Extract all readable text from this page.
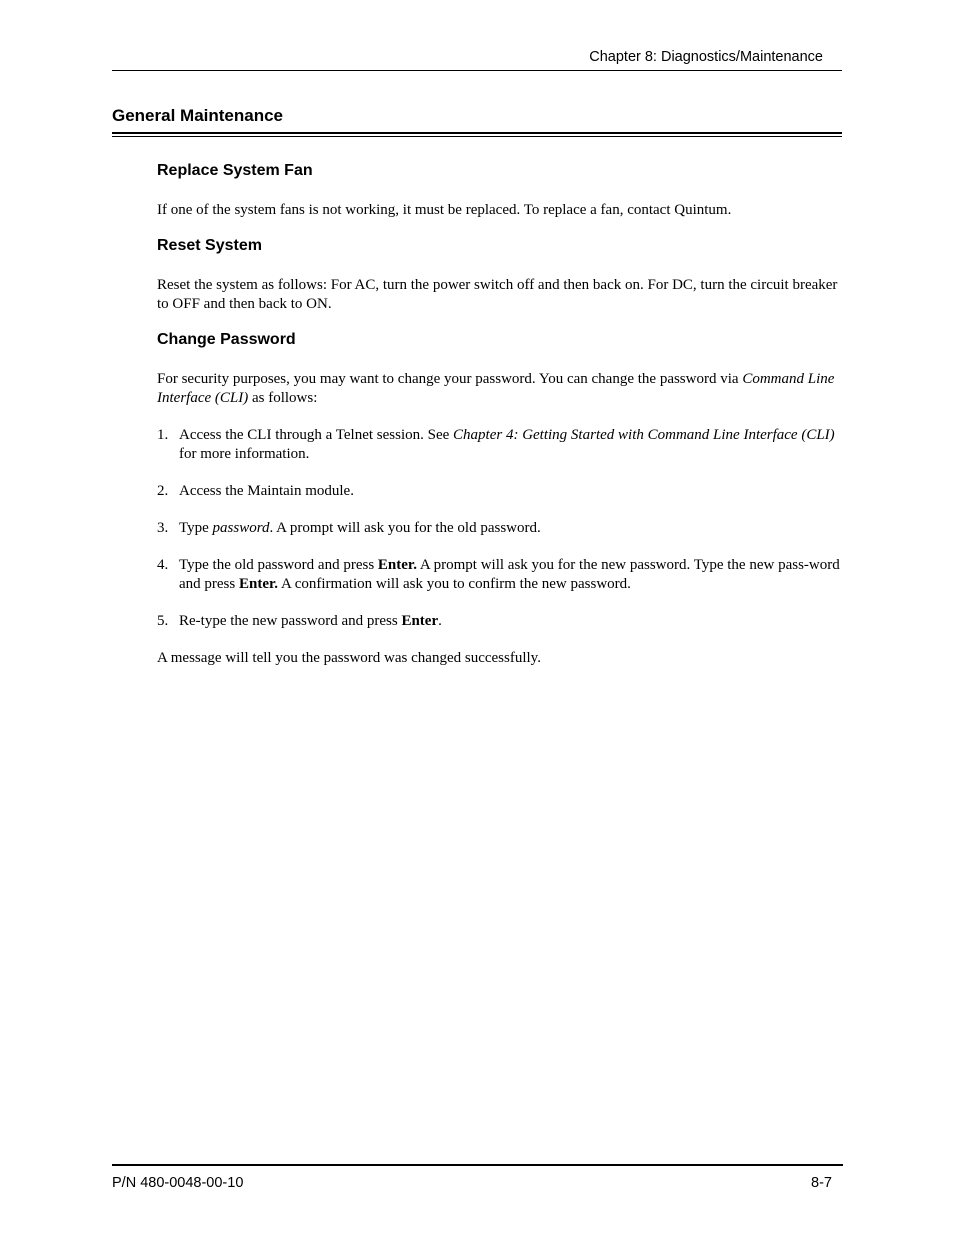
Chapter 8: Diagnostics/Maintenance
General Maintenance
Replace System Fan

If one of the system fans is not working, it must be replaced. To replace a fan, contact Quintum.

Reset System

Reset the system as follows: For AC, turn the power switch off and then back on. For DC, turn the circuit breaker to OFF and then back to ON.

Change Password

For security purposes, you may want to change your password. You can change the password via Command Line Interface (CLI) as follows:

1. Access the CLI through a Telnet session. See Chapter 4: Getting Started with Command Line Interface (CLI) for more information.
2. Access the Maintain module.
3. Type password. A prompt will ask you for the old password.
4. Type the old password and press Enter. A prompt will ask you for the new password. Type the new pass-word and press Enter. A confirmation will ask you to confirm the new password.
5. Re-type the new password and press Enter.

A message will tell you the password was changed successfully.

P/N 480-0048-00-10	8-7
